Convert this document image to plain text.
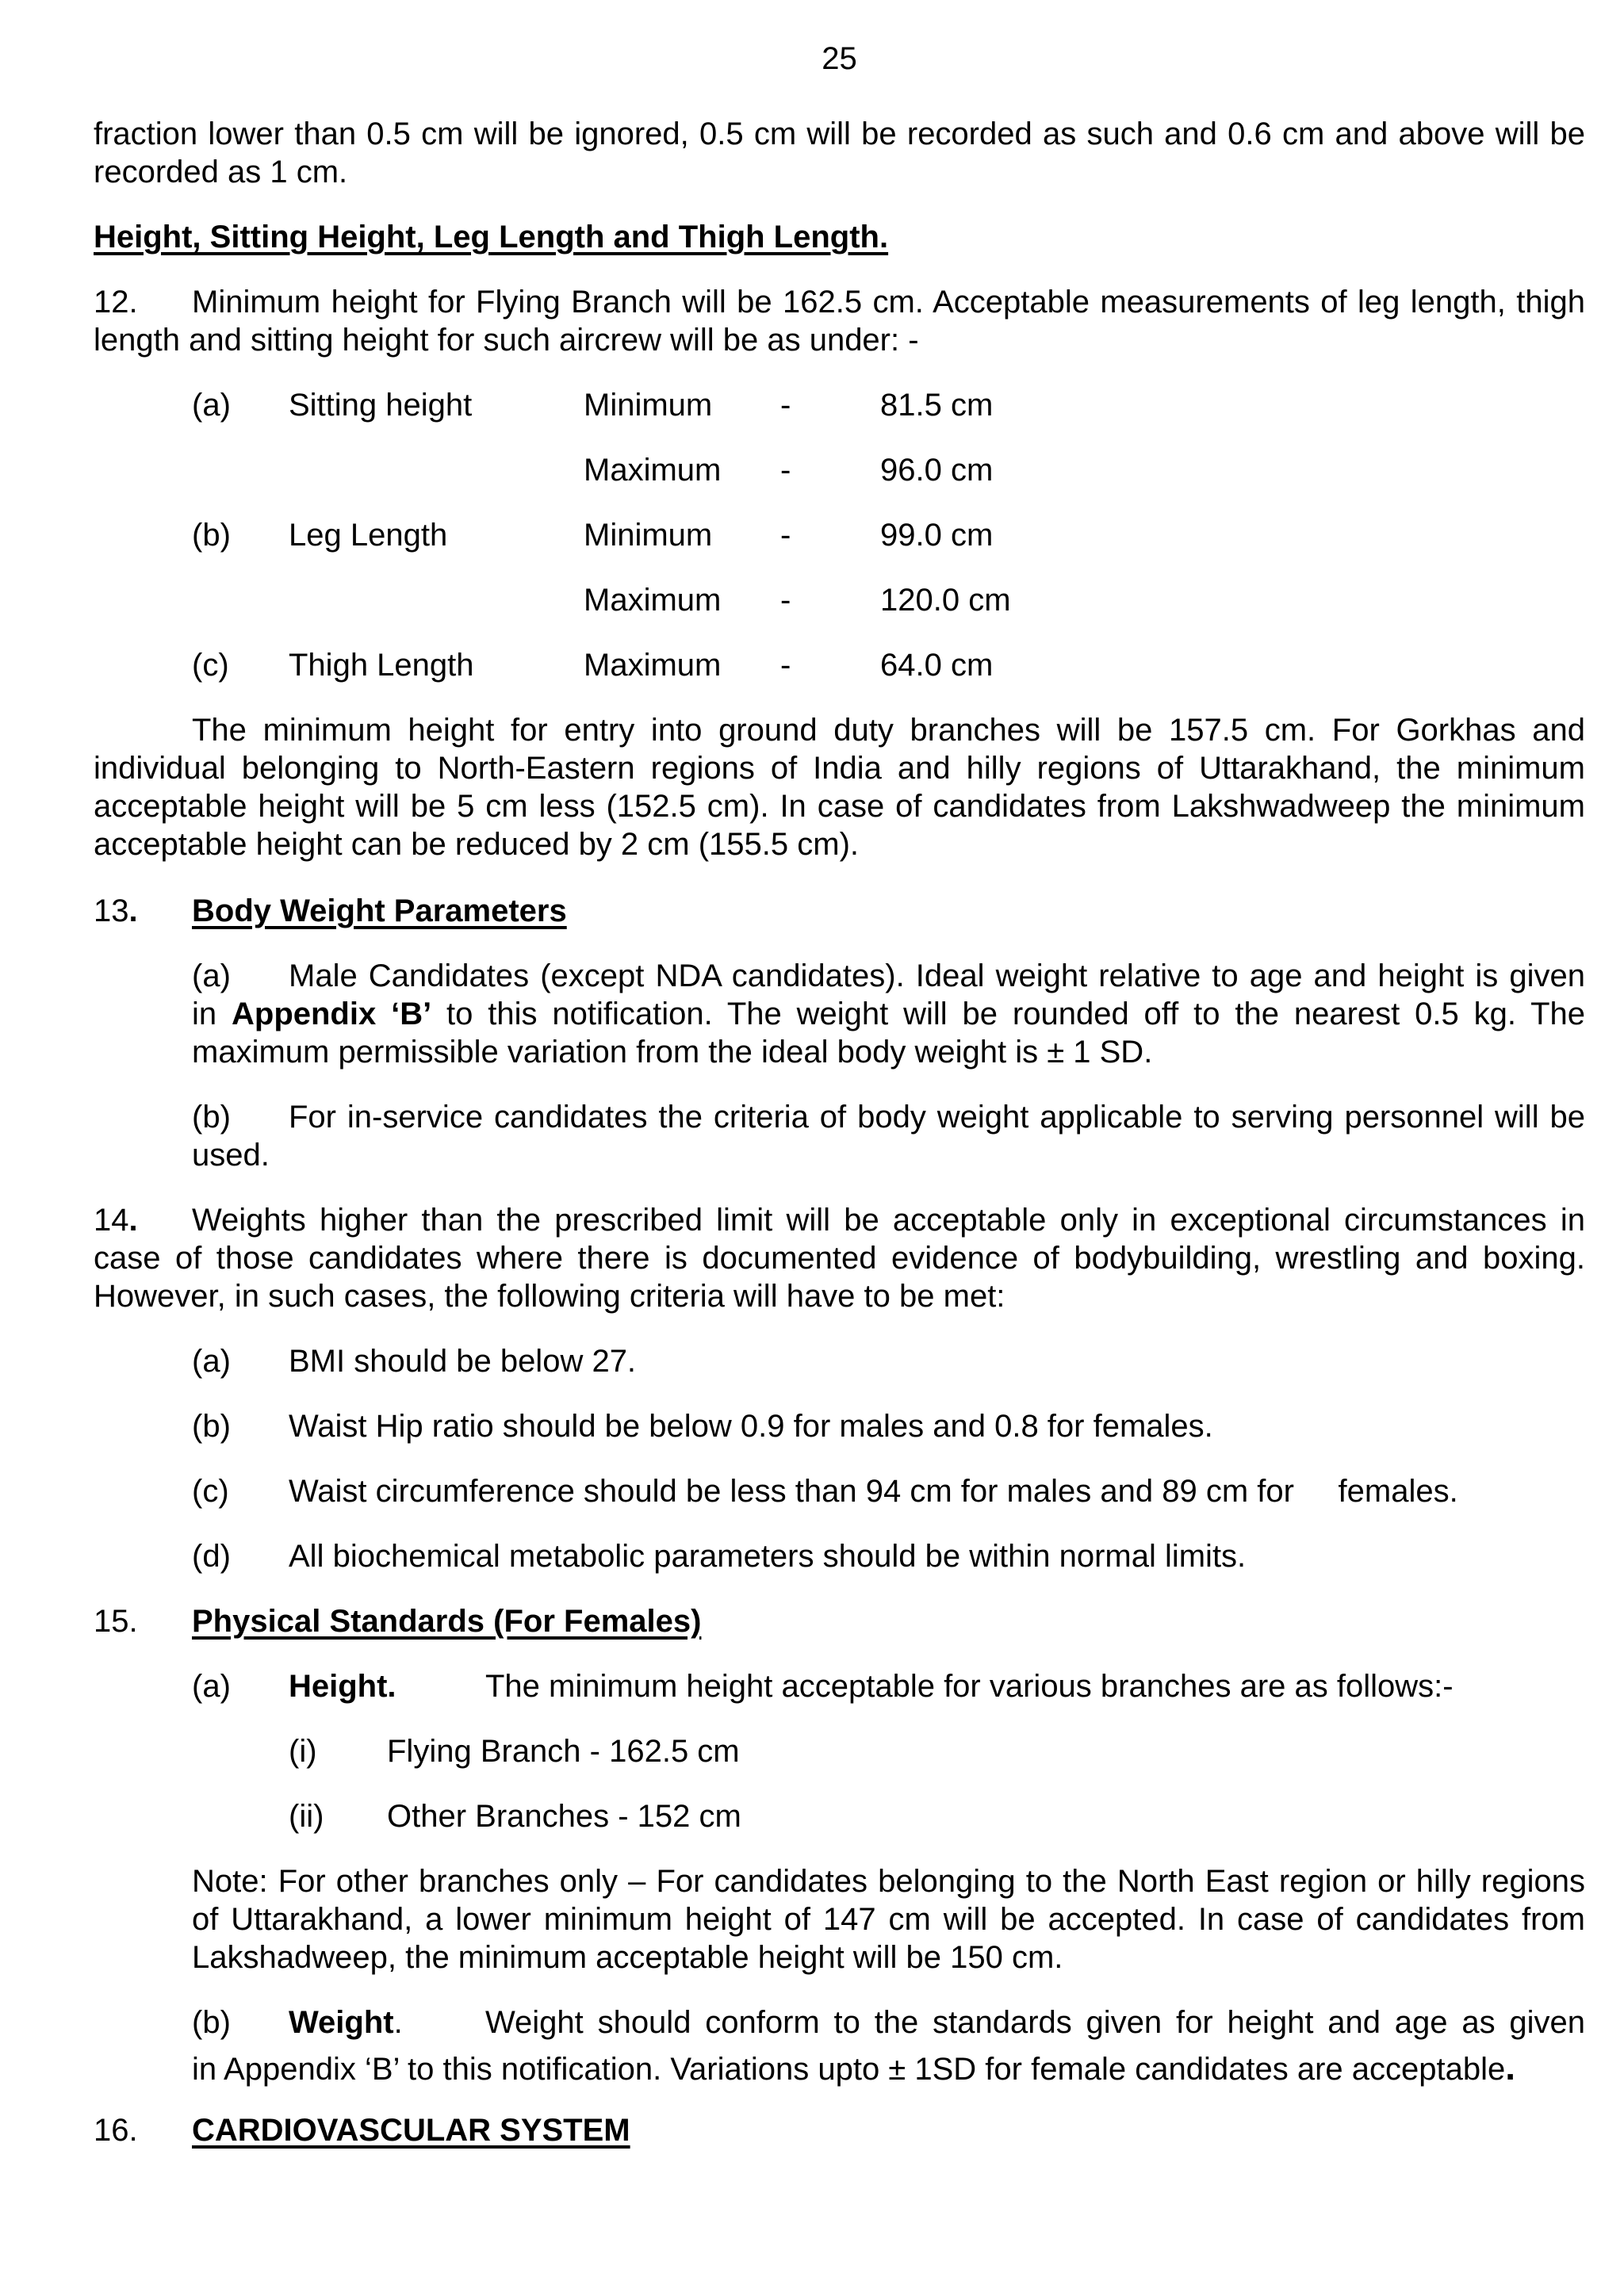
25

fraction lower than 0.5 cm will be ignored, 0.5 cm will be recorded as such and 0.6 cm and above will be recorded as 1 cm.

Height, Sitting Height, Leg Length and Thigh Length.

12. Minimum height for Flying Branch will be 162.5 cm. Acceptable measurements of leg length, thigh length and sitting height for such aircrew will be as under: -

(a) Sitting height	Minimum -	81.5 cm
Maximum -	96.0 cm
(b) Leg Length	Minimum -	99.0 cm
Maximum -	120.0 cm
(c) Thigh Length	Maximum -	64.0 cm

The minimum height for entry into ground duty branches will be 157.5 cm. For Gorkhas and individual belonging to North-Eastern regions of India and hilly regions of Uttarakhand, the minimum acceptable height will be 5 cm less (152.5 cm). In case of candidates from Lakshwadweep the minimum acceptable height can be reduced by 2 cm (155.5 cm).

13. Body Weight Parameters

(a) Male Candidates (except NDA candidates). Ideal weight relative to age and height is given in Appendix ‘B’ to this notification. The weight will be rounded off to the nearest 0.5 kg. The maximum permissible variation from the ideal body weight is ± 1 SD.

(b) For in-service candidates the criteria of body weight applicable to serving personnel will be used.

14. Weights higher than the prescribed limit will be acceptable only in exceptional circumstances in case of those candidates where there is documented evidence of bodybuilding, wrestling and boxing. However, in such cases, the following criteria will have to be met:

(a) BMI should be below 27.
(b) Waist Hip ratio should be below 0.9 for males and 0.8 for females.
(c) Waist circumference should be less than 94 cm for males and 89 cm for     females.
(d) All biochemical metabolic parameters should be within normal limits.
15. Physical Standards (For Females)
(a) Height.	The minimum height acceptable for various branches are as follows:-
(i) Flying Branch - 162.5 cm
(ii) Other Branches - 152 cm

Note: For other branches only – For candidates belonging to the North East region or hilly regions of Uttarakhand, a lower minimum height of 147 cm will be accepted. In case of candidates from Lakshadweep, the minimum acceptable height will be 150 cm.

(b) Weight.	Weight should conform to the standards given for height and age as given
in Appendix ‘B’ to this notification. Variations upto ± 1SD for female candidates are acceptable.
16. CARDIOVASCULAR SYSTEM
